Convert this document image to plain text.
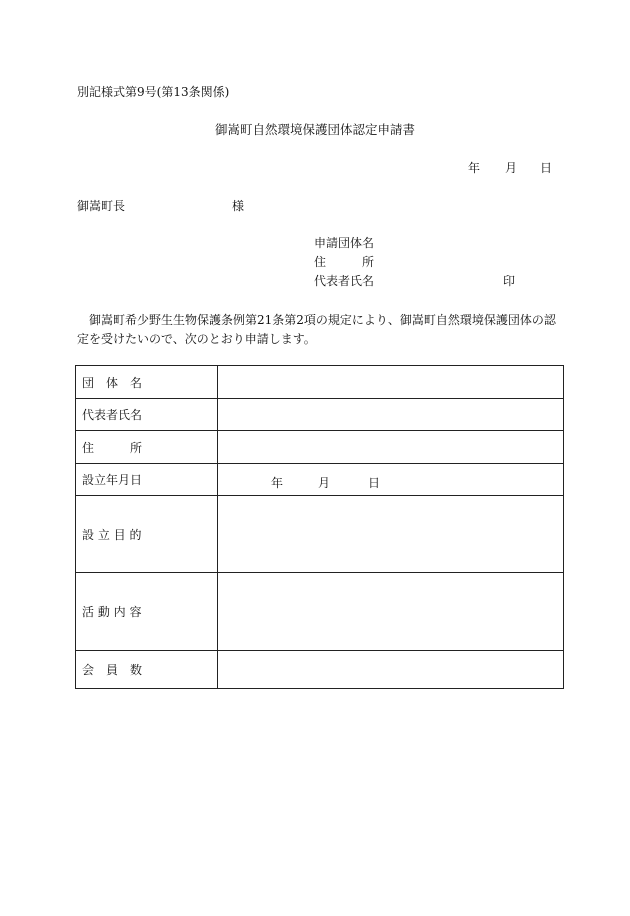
別記様式第9号(第13条関係)
御嵩町自然環境保護団体認定申請書
年 月 日
御嵩町長	様
申請団体名
住　　　所
代表者氏名	印
御嵩町希少野生生物保護条例第21条第2項の規定により、御嵩町自然環境保護団体の認定を受けたいので、次のとおり申請します。
団　体　名	
代表者氏名	
住　　　所	
設立年月日	年 月 日

設 立 目 的	
活 動 内 容	
会　員　数	
